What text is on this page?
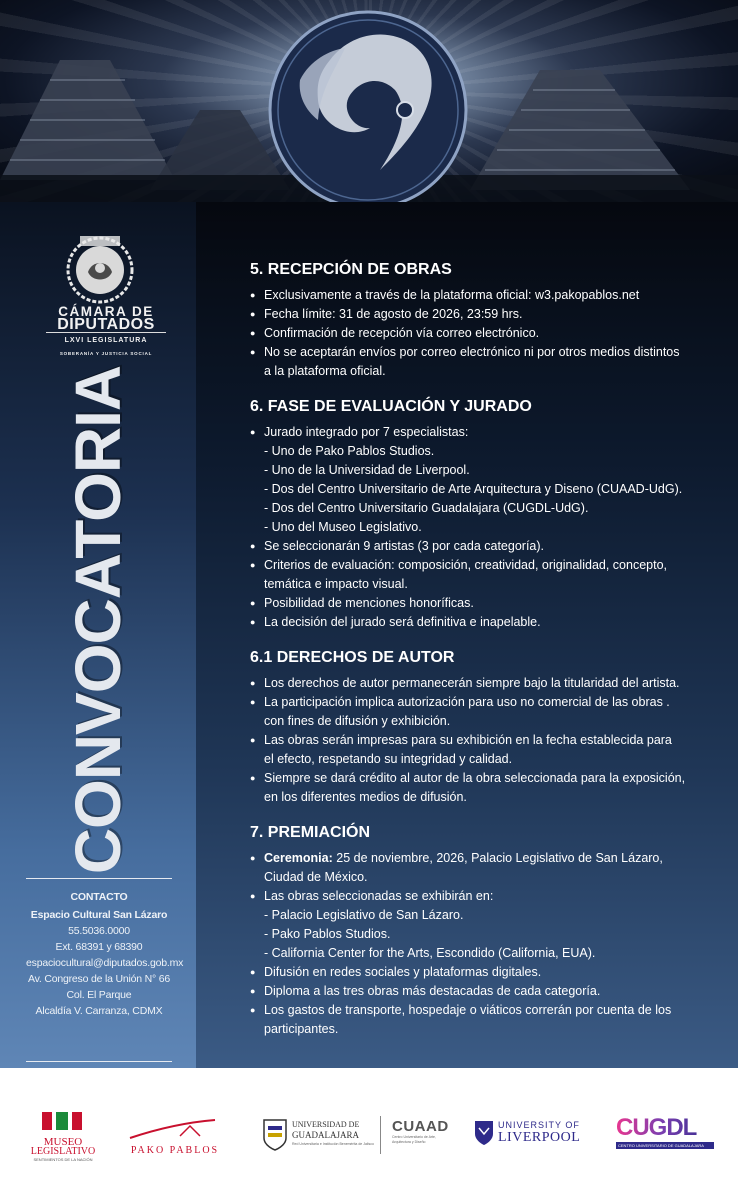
CÁMARA DE
DIPUTADOS
LXVI LEGISLATURA
SOBERANÍA Y JUSTICIA SOCIAL
CONVOCATORIA
CONTACTO
Espacio Cultural San Lázaro
55.5036.0000
Ext. 68391 y 68390
espaciocultural@diputados.gob.mx
Av. Congreso de la Unión N° 66
Col. El Parque
Alcaldía V. Carranza, CDMX
5. RECEPCIÓN DE OBRAS
● Exclusivamente a través de la plataforma oficial: w3.pakopablos.net
● Fecha límite: 31 de agosto de 2026, 23:59 hrs.
● Confirmación de recepción vía correo electrónico.
● No se aceptarán envíos por correo electrónico ni por otros medios distintos
a la plataforma oficial.
6. FASE DE EVALUACIÓN Y JURADO
● Jurado integrado por 7 especialistas:
- Uno de Pako Pablos Studios.
- Uno de la Universidad de Liverpool.
- Dos del Centro Universitario de Arte Arquitectura y Diseno (CUAAD-UdG).
- Dos del Centro Universitario Guadalajara (CUGDL-UdG).
- Uno del Museo Legislativo.
● Se seleccionarán 9 artistas (3 por cada categoría).
● Criterios de evaluación: composición, creatividad, originalidad, concepto,
temática e impacto visual.
● Posibilidad de menciones honoríficas.
● La decisión del jurado será definitiva e inapelable.
6.1 DERECHOS DE AUTOR
● Los derechos de autor permanecerán siempre bajo la titularidad del artista.
● La participación implica autorización para uso no comercial de las obras .
con fines de difusión y exhibición.
● Las obras serán impresas para su exhibición en la fecha establecida para
el efecto, respetando su integridad y calidad.
● Siempre se dará crédito al autor de la obra seleccionada para la exposición,
en los diferentes medios de difusión.
7. PREMIACIÓN
● Ceremonia: 25 de noviembre, 2026, Palacio Legislativo de San Lázaro,
Ciudad de México.
● Las obras seleccionadas se exhibirán en:
- Palacio Legislativo de San Lázaro.
- Pako Pablos Studios.
- California Center for the Arts, Escondido (California, EUA).
● Difusión en redes sociales y plataformas digitales.
● Diploma a las tres obras más destacadas de cada categoría.
● Los gastos de transporte, hospedaje o viáticos correrán por cuenta de los
participantes.
MUSEO
LEGISLATIVO
SENTIMIENTOS DE LA NACIÓN
PAKO PABLOS
UNIVERSIDAD DE
GUADALAJARA
Red Universitaria e Institución Benemérita de Jalisco
CUAAD
Centro Universitario de Arte, Arquitectura y Diseño
UNIVERSITY OF
LIVERPOOL CUGDL
CENTRO UNIVERSITARIO DE GUADALAJARA
